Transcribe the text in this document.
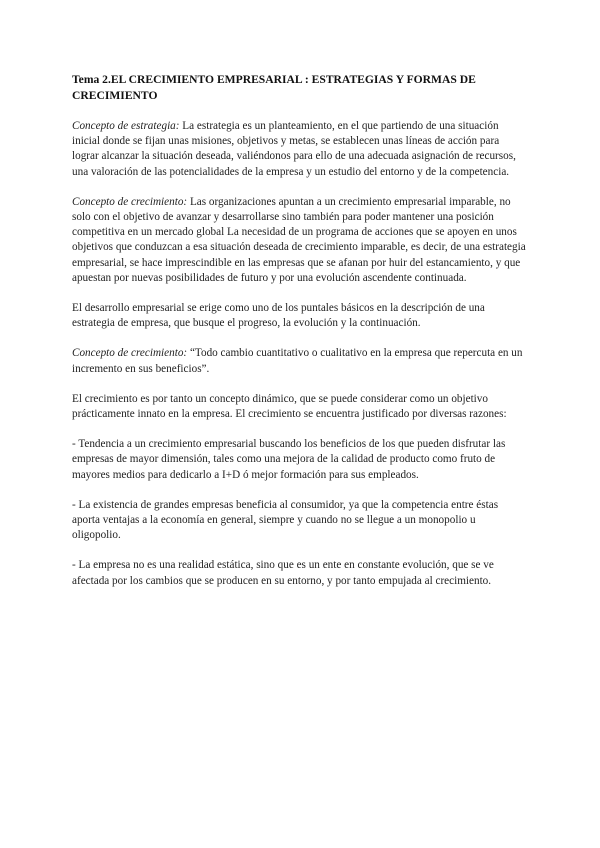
Tema 2.EL CRECIMIENTO EMPRESARIAL : ESTRATEGIAS Y FORMAS DE CRECIMIENTO

Concepto de estrategia: La estrategia es un planteamiento, en el que partiendo de una situación inicial donde se fijan unas misiones, objetivos y metas, se establecen unas líneas de acción para lograr alcanzar la situación deseada, valiéndonos para ello de una adecuada asignación de recursos, una valoración de las potencialidades de la empresa y un estudio del entorno y de la competencia.

Concepto de crecimiento: Las organizaciones apuntan a un crecimiento empresarial imparable, no solo con el objetivo de avanzar y desarrollarse sino también para poder mantener una posición competitiva en un mercado global La necesidad de un programa de acciones que se apoyen en unos objetivos que conduzcan a esa situación deseada de crecimiento imparable, es decir, de una estrategia empresarial, se hace imprescindible en las empresas que se afanan por huir del estancamiento, y que apuestan por nuevas posibilidades de futuro y por una evolución ascendente continuada.

El desarrollo empresarial se erige como uno de los puntales básicos en la descripción de una estrategia de empresa, que busque el progreso, la evolución y la continuación.

Concepto de crecimiento: “Todo cambio cuantitativo o cualitativo en la empresa que repercuta en un incremento en sus beneficios”.

El crecimiento es por tanto un concepto dinámico, que se puede considerar como un objetivo prácticamente innato en la empresa. El crecimiento se encuentra justificado por diversas razones:

- Tendencia a un crecimiento empresarial buscando los beneficios de los que pueden disfrutar las empresas de mayor dimensión, tales como una mejora de la calidad de producto como fruto de mayores medios para dedicarlo a I+D ó mejor formación para sus empleados.

- La existencia de grandes empresas beneficia al consumidor, ya que la competencia entre éstas aporta ventajas a la economía en general, siempre y cuando no se llegue a un monopolio u oligopolio.

- La empresa no es una realidad estática, sino que es un ente en constante evolución, que se ve afectada por los cambios que se producen en su entorno, y por tanto empujada al crecimiento.
